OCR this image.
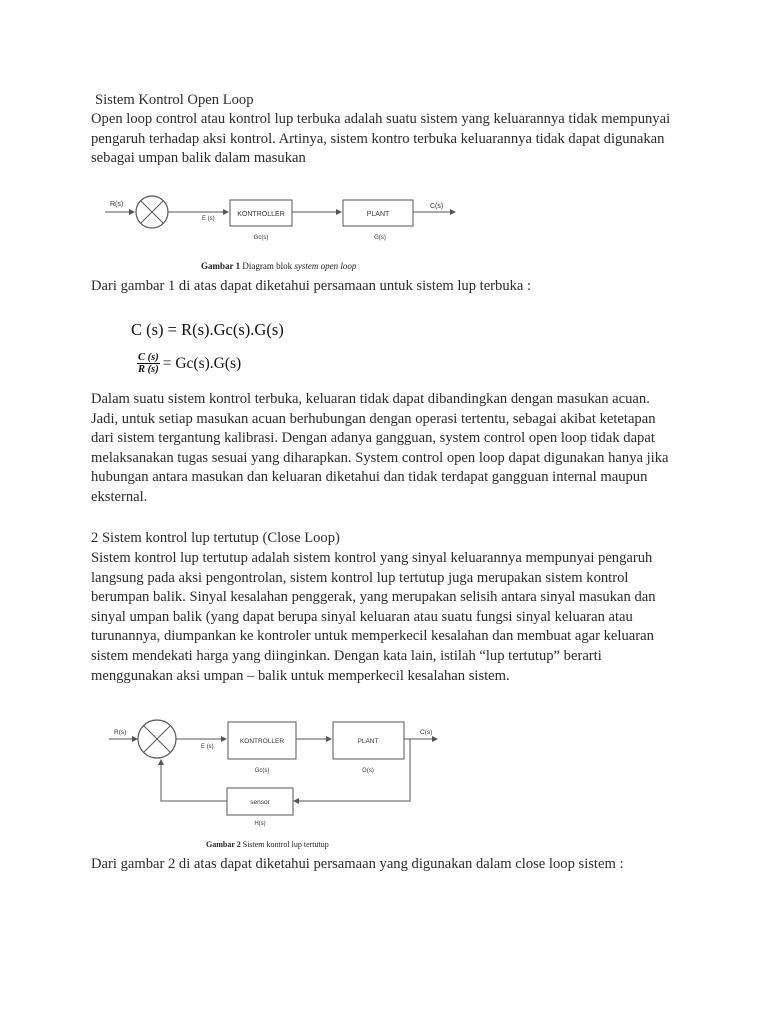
Sistem Kontrol Open Loop

Open loop control atau kontrol lup terbuka adalah suatu sistem yang keluarannya tidak mempunyai
pengaruh terhadap aksi kontrol. Artinya, sistem kontro terbuka keluarannya tidak dapat digunakan
sebagai umpan balik dalam masukan
R(s)
E (s)
KONTROLLER
Gc(s)
PLANT
G(s)
C(s)
Gambar 1 Diagram blok system open loop

Dari gambar 1 di atas dapat diketahui persamaan untuk sistem lup terbuka :

C (s) = R(s).Gc(s).G(s)
$\frac{C (s)}{R (s)} = Gc(s).G(s)$
Dalam suatu sistem kontrol terbuka, keluaran tidak dapat dibandingkan dengan masukan acuan.
Jadi, untuk setiap masukan acuan berhubungan dengan operasi tertentu, sebagai akibat ketetapan
dari sistem tergantung kalibrasi. Dengan adanya gangguan, system control open loop tidak dapat
melaksanakan tugas sesuai yang diharapkan. System control open loop dapat digunakan hanya jika
hubungan antara masukan dan keluaran diketahui dan tidak terdapat gangguan internal maupun
eksternal.

2 Sistem kontrol lup tertutup (Close Loop)

Sistem kontrol lup tertutup adalah sistem kontrol yang sinyal keluarannya mempunyai pengaruh
langsung pada aksi pengontrolan, sistem kontrol lup tertutup juga merupakan sistem kontrol
berumpan balik. Sinyal kesalahan penggerak, yang merupakan selisih antara sinyal masukan dan
sinyal umpan balik (yang dapat berupa sinyal keluaran atau suatu fungsi sinyal keluaran atau
turunannya, diumpankan ke kontroler untuk memperkecil kesalahan dan membuat agar keluaran
sistem mendekati harga yang diinginkan. Dengan kata lain, istilah “lup tertutup” berarti
menggunakan aksi umpan – balik untuk memperkecil kesalahan sistem.
R(s)
E (s)
KONTROLLER
Gc(s)
PLANT
G(s)
C(s)
sensor
H(s)
Gambar 2 Sistem kontrol lup tertutup

Dari gambar 2 di atas dapat diketahui persamaan yang digunakan dalam close loop sistem :
